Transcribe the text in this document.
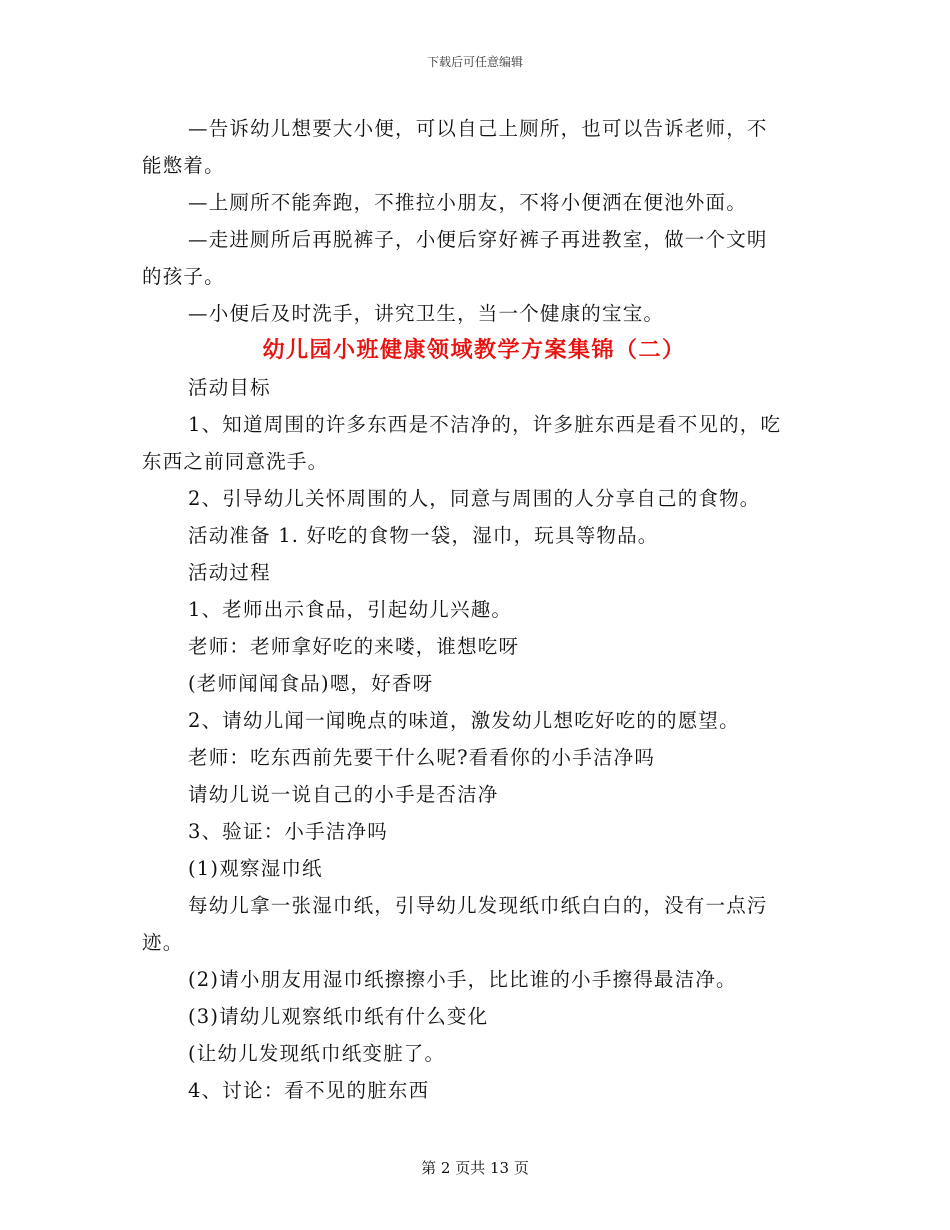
下载后可任意编辑
—告诉幼儿想要大小便，可以自己上厕所，也可以告诉老师，不
能憋着。
—上厕所不能奔跑，不推拉小朋友，不将小便洒在便池外面。
—走进厕所后再脱裤子，小便后穿好裤子再进教室，做一个文明
的孩子。
—小便后及时洗手，讲究卫生，当一个健康的宝宝。
幼儿园小班健康领域教学方案集锦（二）
活动目标
1、知道周围的许多东西是不洁净的，许多脏东西是看不见的，吃
东西之前同意洗手。
2、引导幼儿关怀周围的人，同意与周围的人分享自己的食物。
活动准备 1. 好吃的食物一袋，湿巾，玩具等物品。
活动过程
1、老师出示食品，引起幼儿兴趣。
老师：老师拿好吃的来喽，谁想吃呀
(老师闻闻食品)嗯，好香呀
2、请幼儿闻一闻晚点的味道，激发幼儿想吃好吃的的愿望。
老师：吃东西前先要干什么呢?看看你的小手洁净吗
请幼儿说一说自己的小手是否洁净
3、验证：小手洁净吗
(1)观察湿巾纸
每幼儿拿一张湿巾纸，引导幼儿发现纸巾纸白白的，没有一点污
迹。
(2)请小朋友用湿巾纸擦擦小手，比比谁的小手擦得最洁净。
(3)请幼儿观察纸巾纸有什么变化
(让幼儿发现纸巾纸变脏了。
4、讨论：看不见的脏东西
第 2 页共 13 页
